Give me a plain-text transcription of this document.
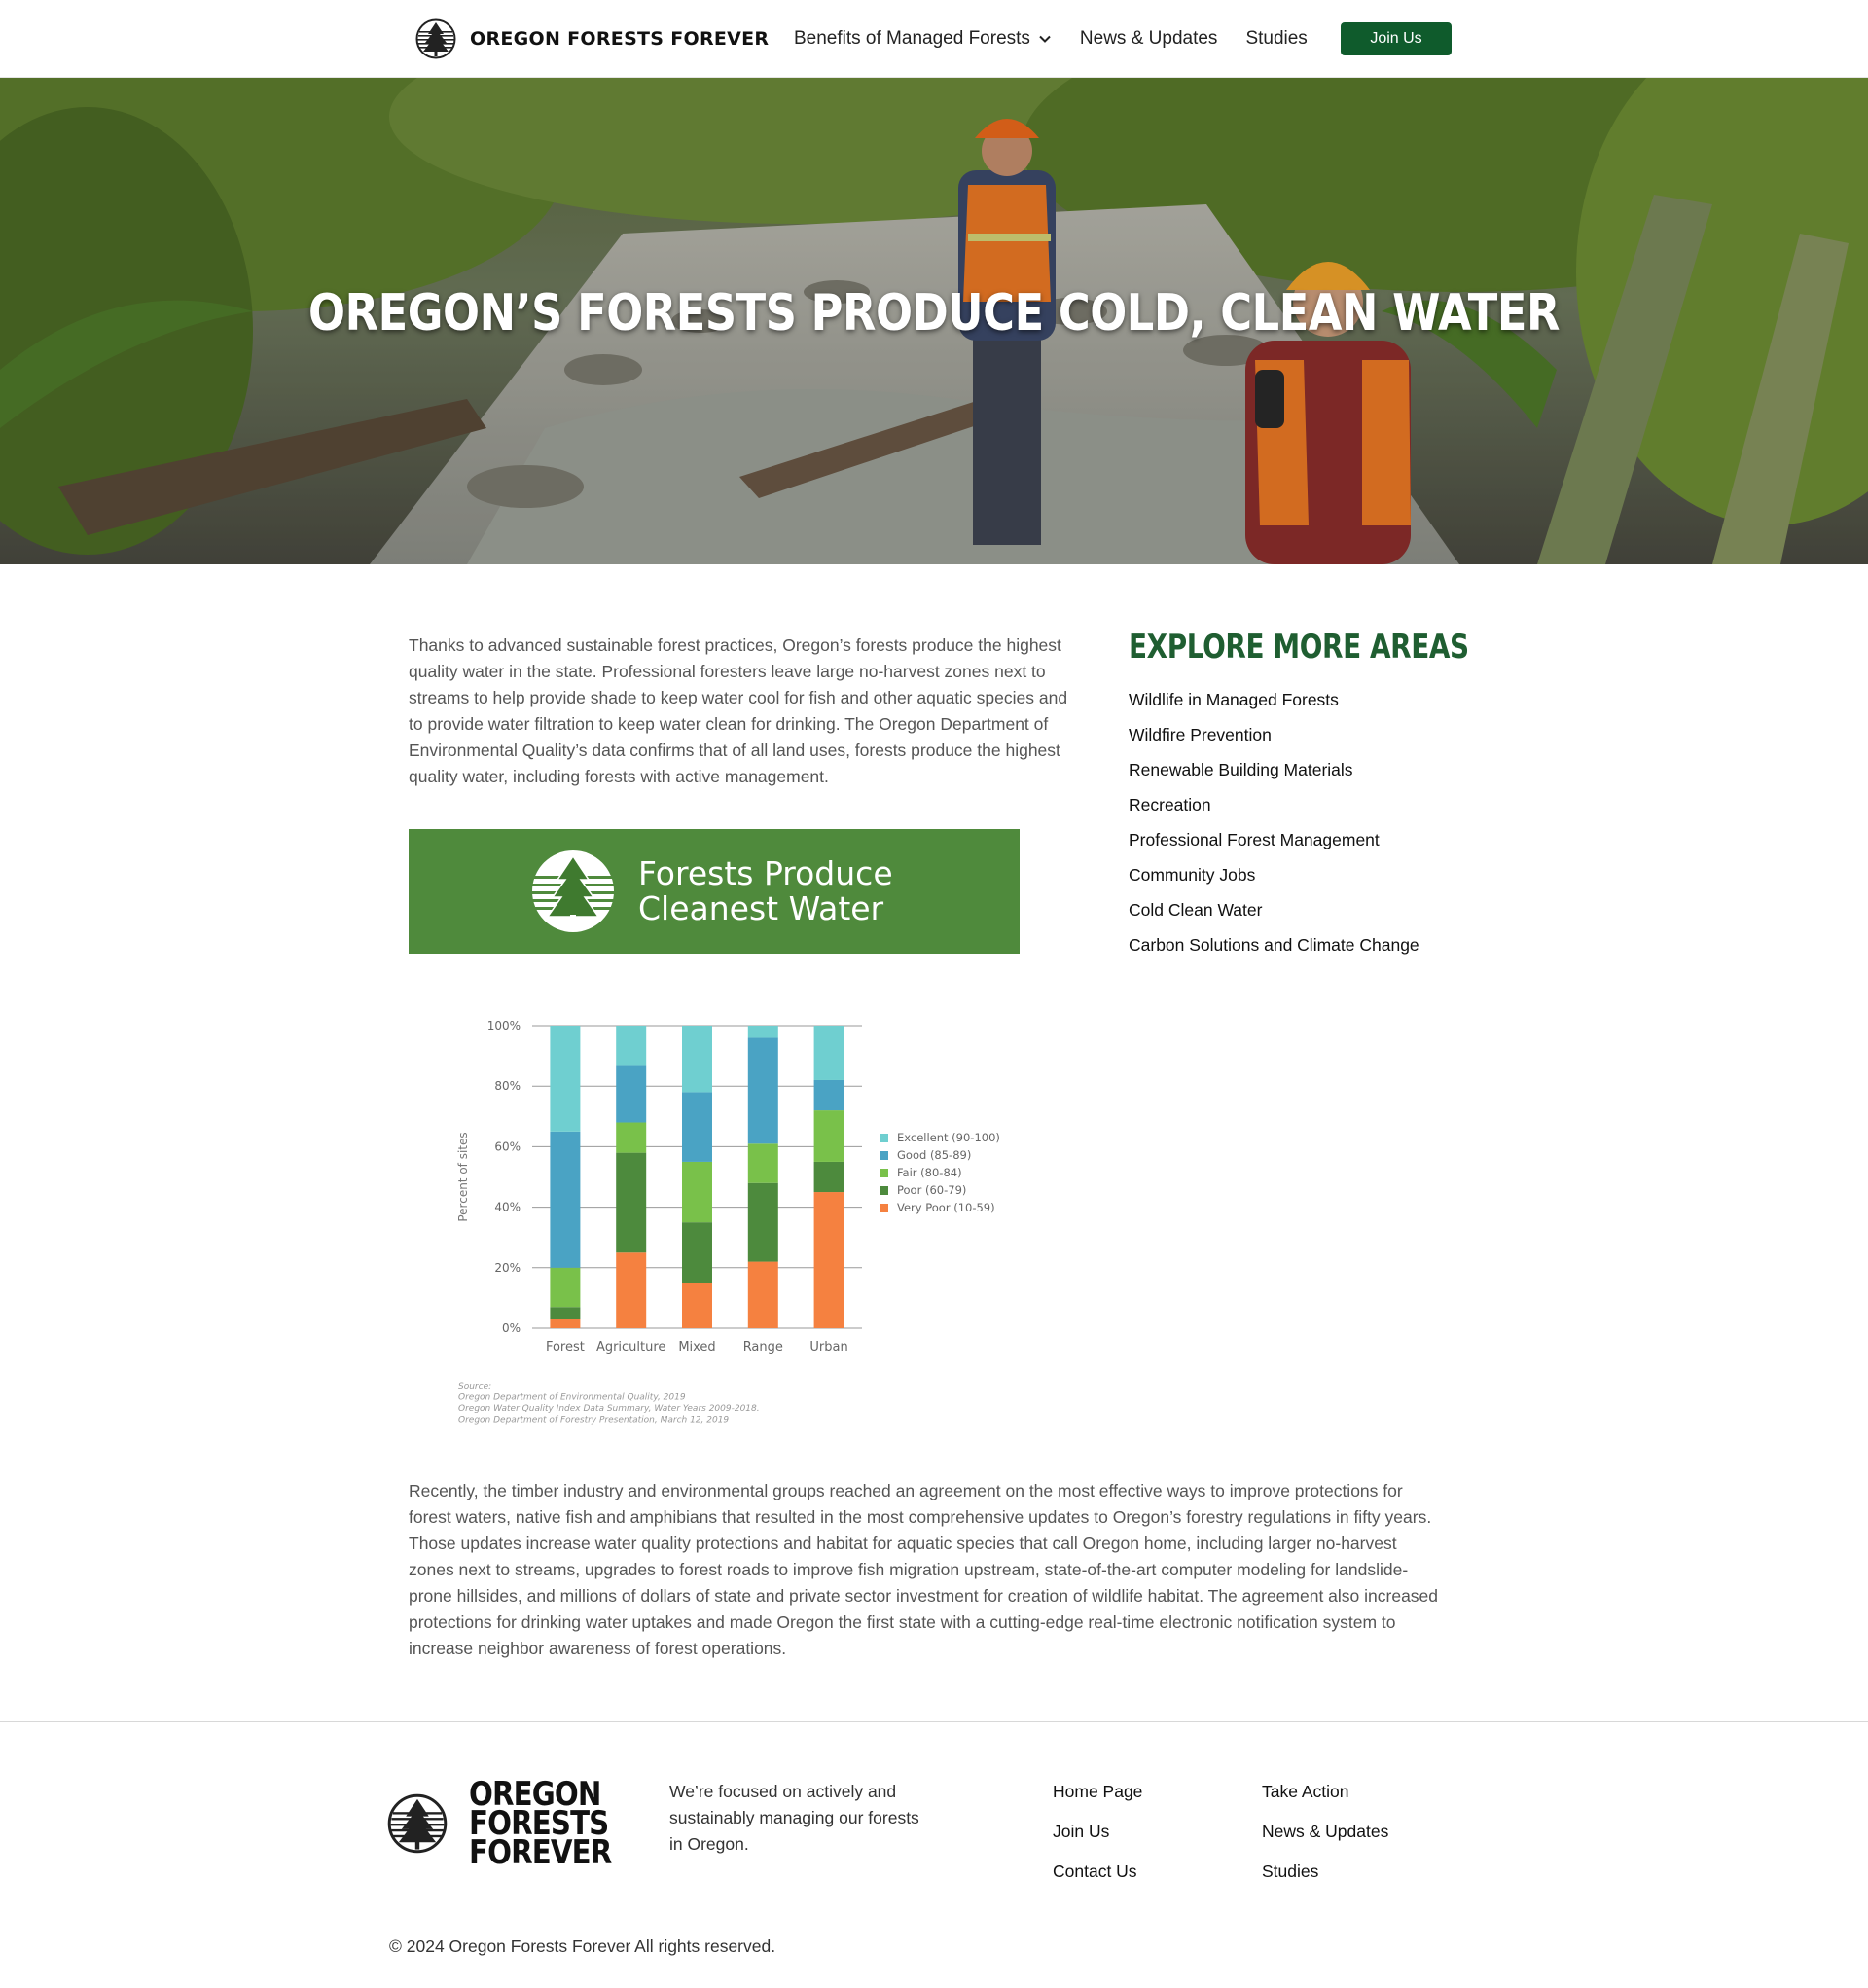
OREGON FORESTS FOREVER Benefits of Managed Forests	News & Updates Studies	Join Us
OREGON’S FORESTS PRODUCE COLD, CLEAN WATER

Thanks to advanced sustainable forest practices, Oregon’s forests produce the highest quality water in the state. Professional foresters leave large no-harvest zones next to streams to help provide shade to keep water cool for fish and other aquatic species and to provide water filtration to keep water clean for drinking. The Oregon Department of Environmental Quality’s data confirms that of all land uses, forests produce the highest quality water, including forests with active management.

Forests Produce
Cleanest Water
0%
20%
40%
60%
80%
100%
Percent of sites
Forest Agriculture Mixed Range Urban
Excellent (90-100)
Good (85-89)
Fair (80-84)
Poor (60-79)
Very Poor (10-59)
Source:
Oregon Department of Environmental Quality, 2019
Oregon Water Quality Index Data Summary, Water Years 2009-2018.
Oregon Department of Forestry Presentation, March 12, 2019

Recently, the timber industry and environmental groups reached an agreement on the most effective ways to improve protections for forest waters, native fish and amphibians that resulted in the most comprehensive updates to Oregon’s forestry regulations in fifty years. Those updates increase water quality protections and habitat for aquatic species that call Oregon home, including larger no-harvest zones next to streams, upgrades to forest roads to improve fish migration upstream, state-of-the-art computer modeling for landslide-prone hillsides, and millions of dollars of state and private sector investment for creation of wildlife habitat. The agreement also increased protections for drinking water uptakes and made Oregon the first state with a cutting-edge real-time electronic notification system to increase neighbor awareness of forest operations.

EXPLORE MORE AREAS
Wildlife in Managed Forests
Wildfire Prevention
Renewable Building Materials
Recreation
Professional Forest Management
Community Jobs
Cold Clean Water
Carbon Solutions and Climate Change
OREGON
FORESTS
FOREVER

We’re focused on actively and sustainably managing our forests in Oregon.

Home Page
Join Us
Contact Us
Take Action
News & Updates
Studies

© 2024 Oregon Forests Forever All rights reserved.
